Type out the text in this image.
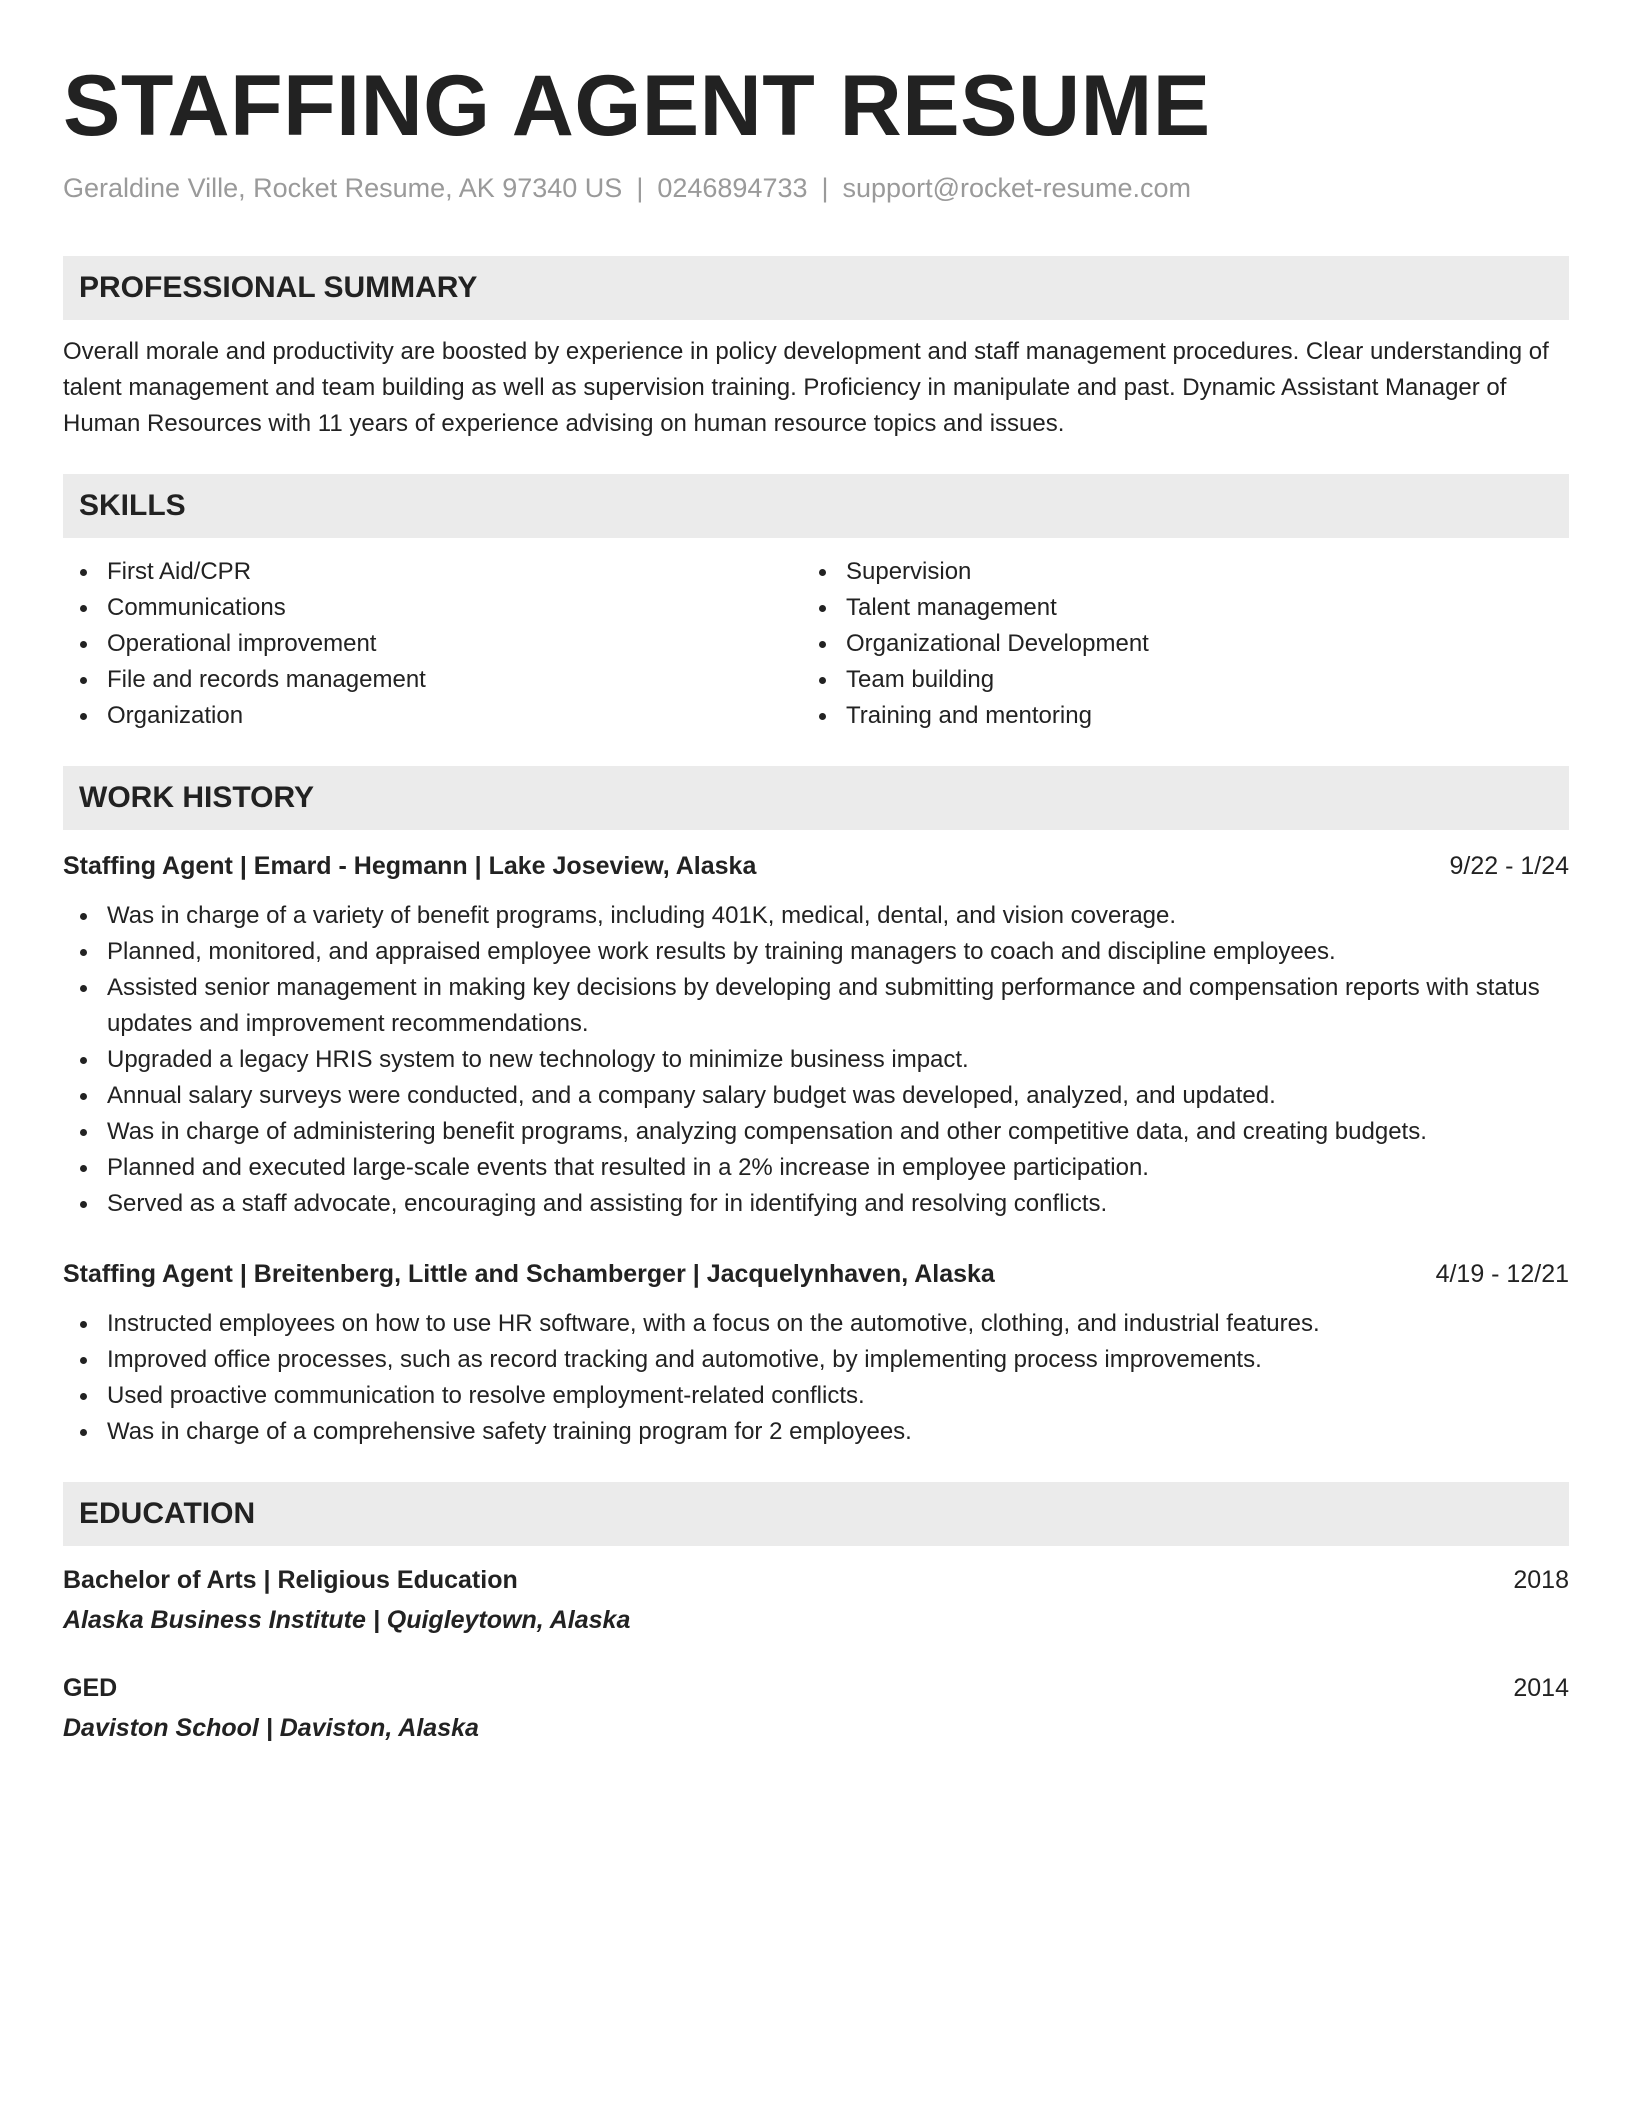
STAFFING AGENT RESUME
Geraldine Ville, Rocket Resume, AK 97340 US | 0246894733 | support@rocket-resume.com
PROFESSIONAL SUMMARY
Overall morale and productivity are boosted by experience in policy development and staff management procedures. Clear understanding of talent management and team building as well as supervision training. Proficiency in manipulate and past. Dynamic Assistant Manager of Human Resources with 11 years of experience advising on human resource topics and issues.
SKILLS
First Aid/CPR
Communications
Operational improvement
File and records management
Organization
Supervision
Talent management
Organizational Development
Team building
Training and mentoring
WORK HISTORY
Staffing Agent | Emard - Hegmann | Lake Joseview, Alaska	9/22 - 1/24
Was in charge of a variety of benefit programs, including 401K, medical, dental, and vision coverage.
Planned, monitored, and appraised employee work results by training managers to coach and discipline employees.
Assisted senior management in making key decisions by developing and submitting performance and compensation reports with status updates and improvement recommendations.
Upgraded a legacy HRIS system to new technology to minimize business impact.
Annual salary surveys were conducted, and a company salary budget was developed, analyzed, and updated.
Was in charge of administering benefit programs, analyzing compensation and other competitive data, and creating budgets.
Planned and executed large-scale events that resulted in a 2% increase in employee participation.
Served as a staff advocate, encouraging and assisting for in identifying and resolving conflicts.
Staffing Agent | Breitenberg, Little and Schamberger | Jacquelynhaven, Alaska	4/19 - 12/21
Instructed employees on how to use HR software, with a focus on the automotive, clothing, and industrial features.
Improved office processes, such as record tracking and automotive, by implementing process improvements.
Used proactive communication to resolve employment-related conflicts.
Was in charge of a comprehensive safety training program for 2 employees.
EDUCATION
Bachelor of Arts | Religious Education	2018
Alaska Business Institute | Quigleytown, Alaska
GED	2014
Daviston School | Daviston, Alaska
